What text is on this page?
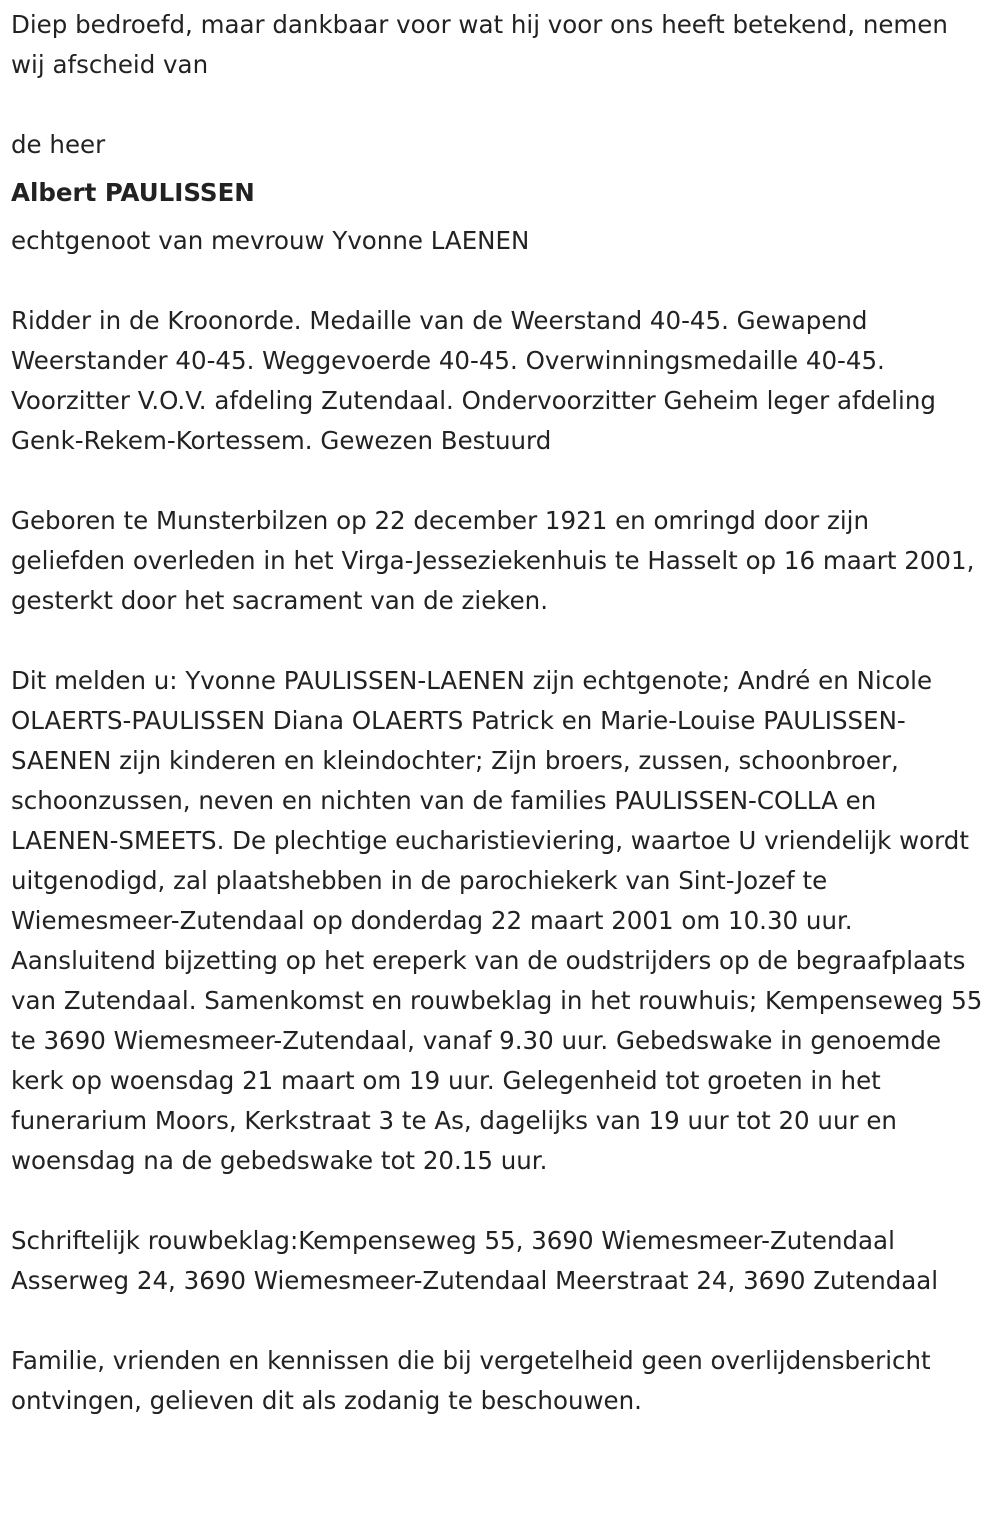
Diep bedroefd, maar dankbaar voor wat hij voor ons heeft betekend, nemen wij afscheid van

de heer

Albert PAULISSEN

echtgenoot van mevrouw Yvonne LAENEN

Ridder in de Kroonorde. Medaille van de Weerstand 40-45. Gewapend Weerstander 40-45. Weggevoerde 40-45. Overwinningsmedaille 40-45. Voorzitter V.O.V. afdeling Zutendaal. Ondervoorzitter Geheim leger afdeling Genk-Rekem-Kortessem. Gewezen Bestuurd

Geboren te Munsterbilzen op 22 december 1921 en omringd door zijn geliefden overleden in het Virga-Jesseziekenhuis te Hasselt op 16 maart 2001, gesterkt door het sacrament van de zieken.

Dit melden u: Yvonne PAULISSEN-LAENEN zijn echtgenote; André en Nicole OLAERTS-PAULISSEN Diana OLAERTS Patrick en Marie-Louise PAULISSEN-SAENEN zijn kinderen en kleindochter; Zijn broers, zussen, schoonbroer, schoonzussen, neven en nichten van de families PAULISSEN-COLLA en LAENEN-SMEETS. De plechtige eucharistieviering, waartoe U vriendelijk wordt uitgenodigd, zal plaatshebben in de parochiekerk van Sint-Jozef te Wiemesmeer-Zutendaal op donderdag 22 maart 2001 om 10.30 uur. Aansluitend bijzetting op het ereperk van de oudstrijders op de begraafplaats van Zutendaal. Samenkomst en rouwbeklag in het rouwhuis; Kempenseweg 55 te 3690 Wiemesmeer-Zutendaal, vanaf 9.30 uur. Gebedswake in genoemde kerk op woensdag 21 maart om 19 uur. Gelegenheid tot groeten in het funerarium Moors, Kerkstraat 3 te As, dagelijks van 19 uur tot 20 uur en woensdag na de gebedswake tot 20.15 uur.

Schriftelijk rouwbeklag:Kempenseweg 55, 3690 Wiemesmeer-Zutendaal Asserweg 24, 3690 Wiemesmeer-Zutendaal Meerstraat 24, 3690 Zutendaal

Familie, vrienden en kennissen die bij vergetelheid geen overlijdensbericht ontvingen, gelieven dit als zodanig te beschouwen.
